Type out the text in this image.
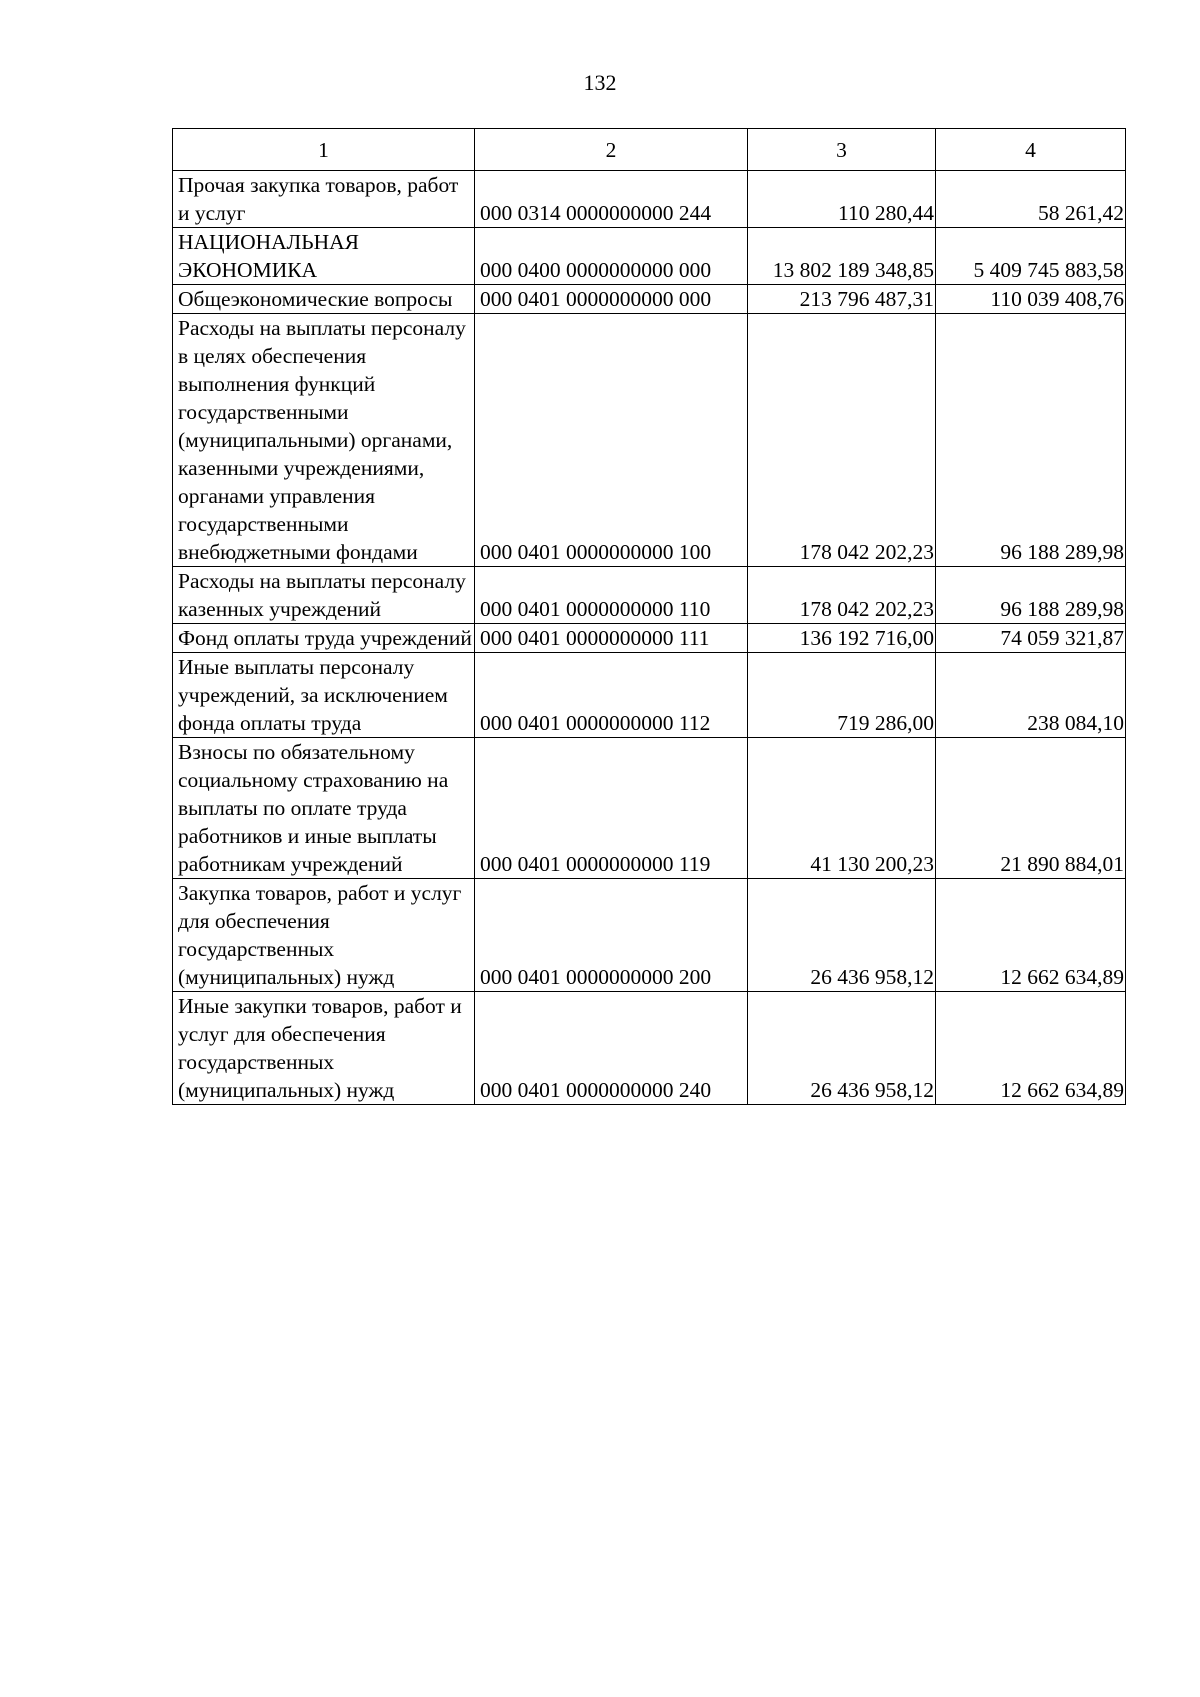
132
1	2	3	4
Прочая закупка товаров, работ и услуг	000 0314 0000000000 244	110 280,44	58 261,42
НАЦИОНАЛЬНАЯ ЭКОНОМИКА	000 0400 0000000000 000	13 802 189 348,85	5 409 745 883,58
Общеэкономические вопросы	000 0401 0000000000 000	213 796 487,31	110 039 408,76
Расходы на выплаты персоналу в целях обеспечения выполнения функций государственными (муниципальными) органами, казенными учреждениями, органами управления государственными внебюджетными фондами	000 0401 0000000000 100	178 042 202,23	96 188 289,98
Расходы на выплаты персоналу казенных учреждений	000 0401 0000000000 110	178 042 202,23	96 188 289,98
Фонд оплаты труда учреждений	000 0401 0000000000 111	136 192 716,00	74 059 321,87
Иные выплаты персоналу учреждений, за исключением фонда оплаты труда	000 0401 0000000000 112	719 286,00	238 084,10
Взносы по обязательному социальному страхованию на выплаты по оплате труда работников и иные выплаты работникам учреждений	000 0401 0000000000 119	41 130 200,23	21 890 884,01
Закупка товаров, работ и услуг для обеспечения государственных (муниципальных) нужд	000 0401 0000000000 200	26 436 958,12	12 662 634,89
Иные закупки товаров, работ и услуг для обеспечения государственных (муниципальных) нужд	000 0401 0000000000 240	26 436 958,12	12 662 634,89
